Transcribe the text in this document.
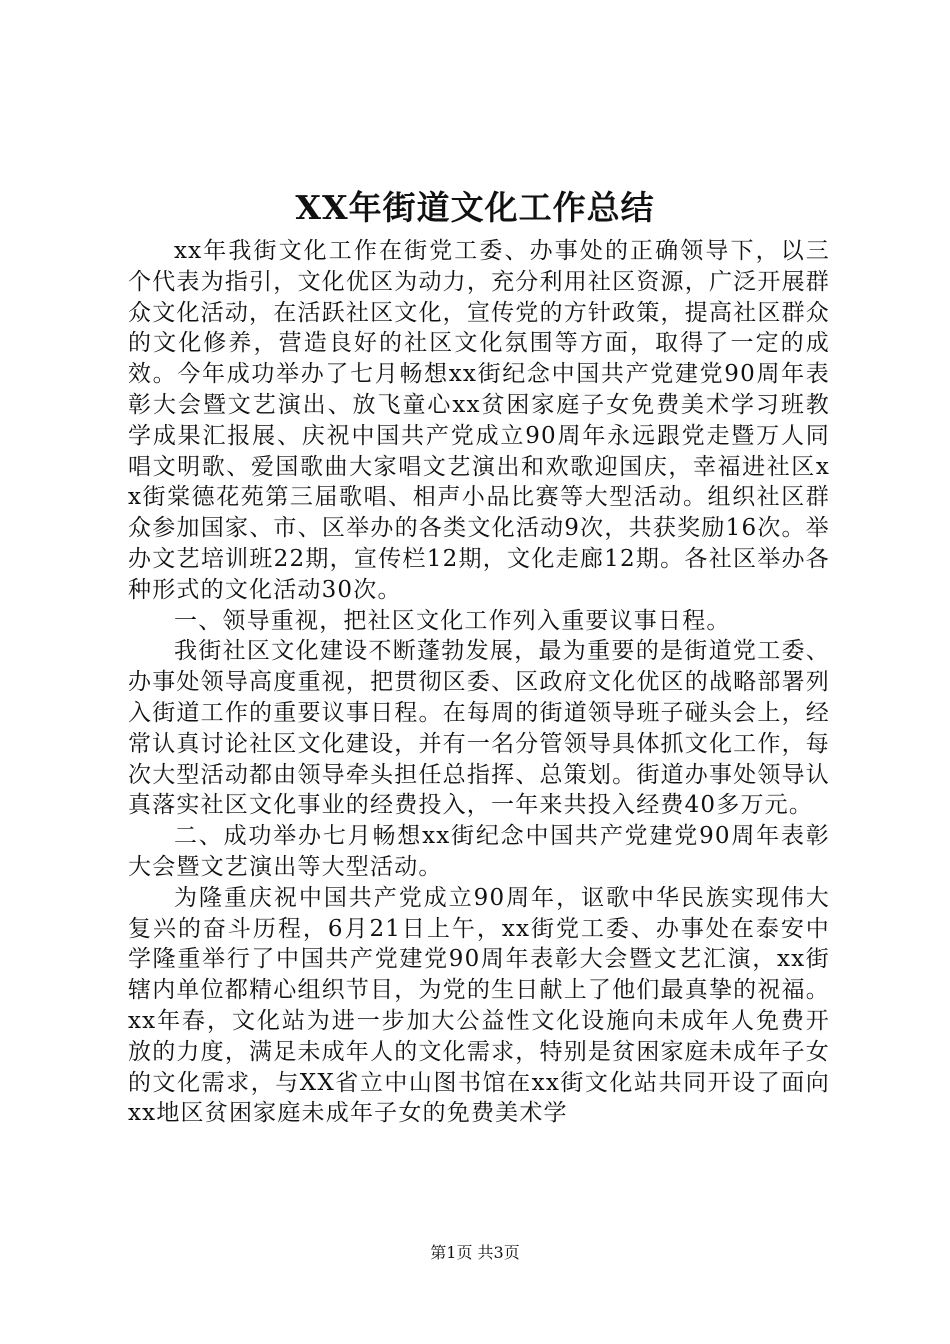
XX年街道文化工作总结

xx年我街文化工作在街党工委、办事处的正确领导下，以三个代表为指引，文化优区为动力，充分利用社区资源，广泛开展群众文化活动，在活跃社区文化，宣传党的方针政策，提高社区群众的文化修养，营造良好的社区文化氛围等方面，取得了一定的成效。今年成功举办了七月畅想xx街纪念中国共产党建党90周年表彰大会暨文艺演出、放飞童心xx贫困家庭子女免费美术学习班教学成果汇报展、庆祝中国共产党成立90周年永远跟党走暨万人同唱文明歌、爱国歌曲大家唱文艺演出和欢歌迎国庆，幸福进社区xx街棠德花苑第三届歌唱、相声小品比赛等大型活动。组织社区群众参加国家、市、区举办的各类文化活动9次，共获奖励16次。举办文艺培训班22期，宣传栏12期，文化走廊12期。各社区举办各种形式的文化活动30次。

一、领导重视，把社区文化工作列入重要议事日程。

我街社区文化建设不断蓬勃发展，最为重要的是街道党工委、办事处领导高度重视，把贯彻区委、区政府文化优区的战略部署列入街道工作的重要议事日程。在每周的街道领导班子碰头会上，经常认真讨论社区文化建设，并有一名分管领导具体抓文化工作，每次大型活动都由领导牵头担任总指挥、总策划。街道办事处领导认真落实社区文化事业的经费投入，一年来共投入经费40多万元。

二、成功举办七月畅想xx街纪念中国共产党建党90周年表彰大会暨文艺演出等大型活动。

为隆重庆祝中国共产党成立90周年，讴歌中华民族实现伟大复兴的奋斗历程，6月21日上午，xx街党工委、办事处在泰安中学隆重举行了中国共产党建党90周年表彰大会暨文艺汇演，xx街辖内单位都精心组织节目，为党的生日献上了他们最真挚的祝福。xx年春，文化站为进一步加大公益性文化设施向未成年人免费开放的力度，满足未成年人的文化需求，特别是贫困家庭未成年子女的文化需求，与XX省立中山图书馆在xx街文化站共同开设了面向xx地区贫困家庭未成年子女的免费美术学

第1页 共3页
